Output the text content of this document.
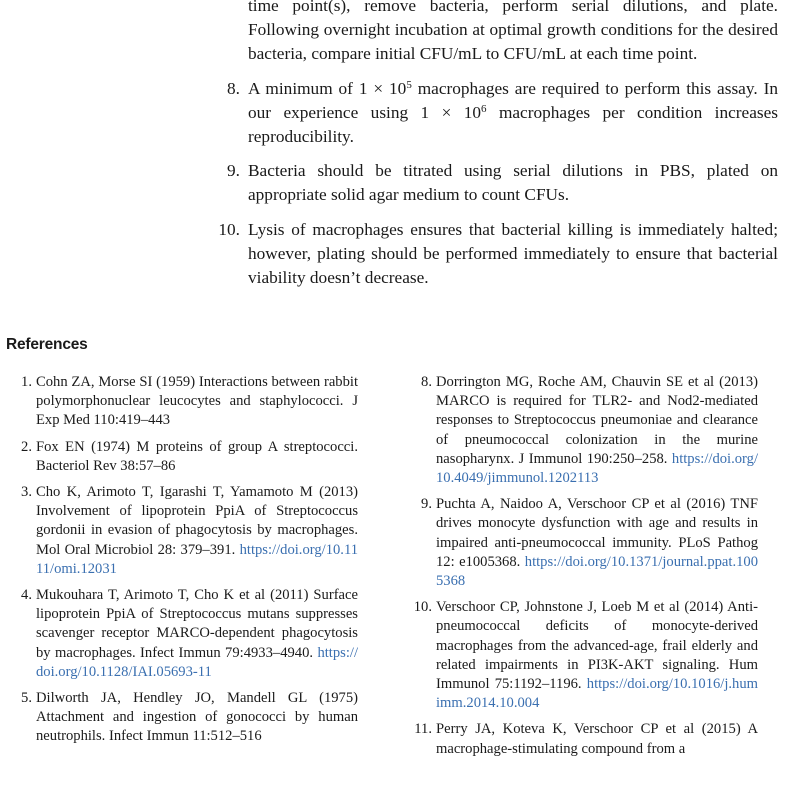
time point(s), remove bacteria, perform serial dilutions, and plate. Following overnight incubation at optimal growth conditions for the desired bacteria, compare initial CFU/mL to CFU/mL at each time point.

8. A minimum of $1 \times 10^5$ macrophages are required to perform this assay. In our experience using $1 \times 10^6$ macrophages per condition increases reproducibility.

9. Bacteria should be titrated using serial dilutions in PBS, plated on appropriate solid agar medium to count CFUs.

10. Lysis of macrophages ensures that bacterial killing is immediately halted; however, plating should be performed immediately to ensure that bacterial viability doesn’t decrease.

References
1. Cohn ZA, Morse SI (1959) Interactions between rabbit polymorphonuclear leucocytes and staphylococci. J Exp Med 110:419–443
2. Fox EN (1974) M proteins of group A streptococci. Bacteriol Rev 38:57–86
3. Cho K, Arimoto T, Igarashi T, Yamamoto M (2013) Involvement of lipoprotein PpiA of Streptococcus gordonii in evasion of phagocytosis by macrophages. Mol Oral Microbiol 28: 379–391. https://doi.org/10.1111/omi.12031
4. Mukouhara T, Arimoto T, Cho K et al (2011) Surface lipoprotein PpiA of Streptococcus mutans suppresses scavenger receptor MARCO-dependent phagocytosis by macrophages. Infect Immun 79:4933–4940. https://doi.org/10.1128/IAI.05693-11
5. Dilworth JA, Hendley JO, Mandell GL (1975) Attachment and ingestion of gonococci by human neutrophils. Infect Immun 11:512–516
8. Dorrington MG, Roche AM, Chauvin SE et al (2013) MARCO is required for TLR2- and Nod2-mediated responses to Streptococcus pneumoniae and clearance of pneumococcal colonization in the murine nasopharynx. J Immunol 190:250–258. https://doi.org/10.4049/jimmunol.1202113
9. Puchta A, Naidoo A, Verschoor CP et al (2016) TNF drives monocyte dysfunction with age and results in impaired anti-pneumococcal immunity. PLoS Pathog 12: e1005368. https://doi.org/10.1371/journal.ppat.1005368
10. Verschoor CP, Johnstone J, Loeb M et al (2014) Anti-pneumococcal deficits of monocyte-derived macrophages from the advanced-age, frail elderly and related impairments in PI3K-AKT signaling. Hum Immunol 75:1192–1196. https://doi.org/10.1016/j.humimm.2014.10.004
11. Perry JA, Koteva K, Verschoor CP et al (2015) A macrophage-stimulating compound from a
